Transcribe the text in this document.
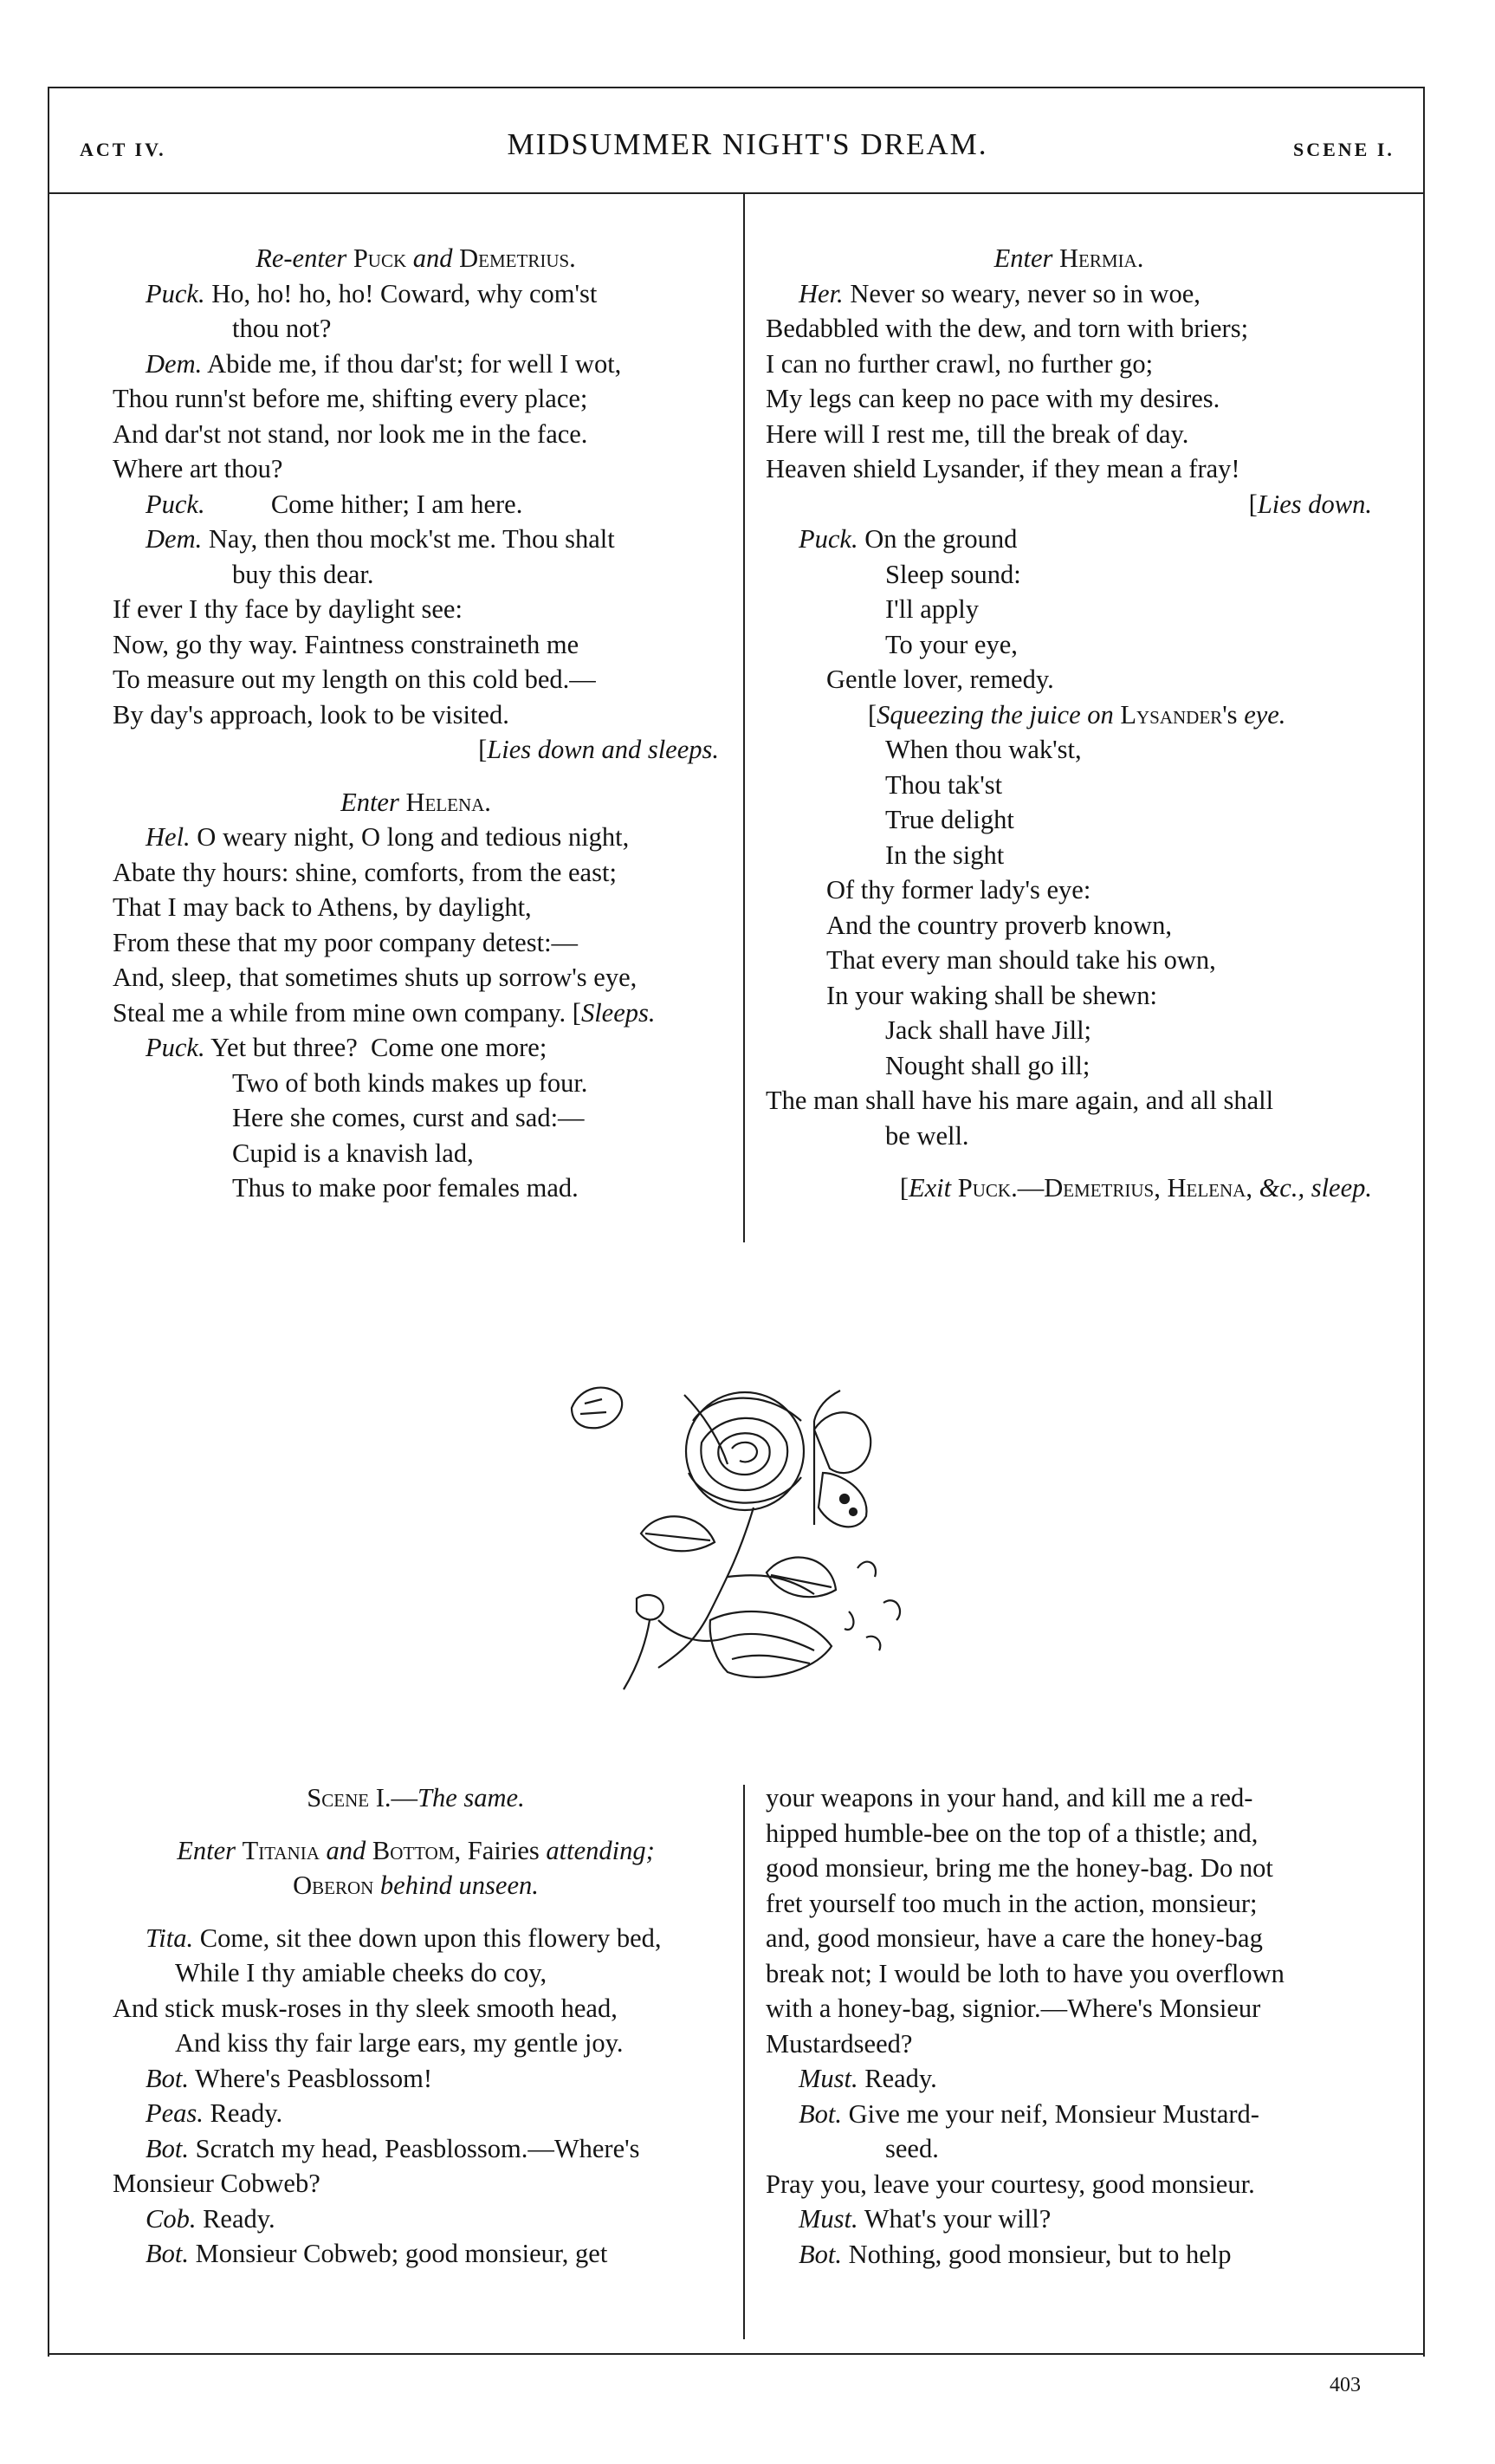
ACT IV.	MIDSUMMER NIGHT'S DREAM.	SCENE I.
Re-enter Puck and Demetrius.
Puck. Ho, ho! ho, ho! Coward, why com'st
thou not?
Dem. Abide me, if thou dar'st; for well I wot,
Thou runn'st before me, shifting every place;
And dar'st not stand, nor look me in the face.
Where art thou?
Puck.          Come hither; I am here.
Dem. Nay, then thou mock'st me. Thou shalt
buy this dear.
If ever I thy face by daylight see:
Now, go thy way. Faintness constraineth me
To measure out my length on this cold bed.—
By day's approach, look to be visited.
[Lies down and sleeps.
Enter Helena.
Hel. O weary night, O long and tedious night,
Abate thy hours: shine, comforts, from the east;
That I may back to Athens, by daylight,
From these that my poor company detest:—
And, sleep, that sometimes shuts up sorrow's eye,
Steal me a while from mine own company. [Sleeps.
Puck. Yet but three?  Come one more;
Two of both kinds makes up four.
Here she comes, curst and sad:—
Cupid is a knavish lad,
Thus to make poor females mad.
Enter Hermia.
Her. Never so weary, never so in woe,
Bedabbled with the dew, and torn with briers;
I can no further crawl, no further go;
My legs can keep no pace with my desires.
Here will I rest me, till the break of day.
Heaven shield Lysander, if they mean a fray!
[Lies down.
Puck. On the ground
Sleep sound:
I'll apply
To your eye,
Gentle lover, remedy.
[Squeezing the juice on Lysander's eye.
When thou wak'st,
Thou tak'st
True delight
In the sight
Of thy former lady's eye:
And the country proverb known,
That every man should take his own,
In your waking shall be shewn:
Jack shall have Jill;
Nought shall go ill;
The man shall have his mare again, and all shall
be well.
[Exit Puck.—Demetrius, Helena, &c., sleep.
Scene I.—The same.
Enter Titania and Bottom, Fairies attending;
Oberon behind unseen.
Tita. Come, sit thee down upon this flowery bed,
While I thy amiable cheeks do coy,
And stick musk-roses in thy sleek smooth head,
And kiss thy fair large ears, my gentle joy.
Bot. Where's Peasblossom!
Peas. Ready.
Bot. Scratch my head, Peasblossom.—Where's
Monsieur Cobweb?
Cob. Ready.
Bot. Monsieur Cobweb; good monsieur, get
your weapons in your hand, and kill me a red-
hipped humble-bee on the top of a thistle; and,
good monsieur, bring me the honey-bag. Do not
fret yourself too much in the action, monsieur;
and, good monsieur, have a care the honey-bag
break not; I would be loth to have you overflown
with a honey-bag, signior.—Where's Monsieur
Mustardseed?
Must. Ready.
Bot. Give me your neif, Monsieur Mustard-
seed.
Pray you, leave your courtesy, good monsieur.
Must. What's your will?
Bot. Nothing, good monsieur, but to help
403
